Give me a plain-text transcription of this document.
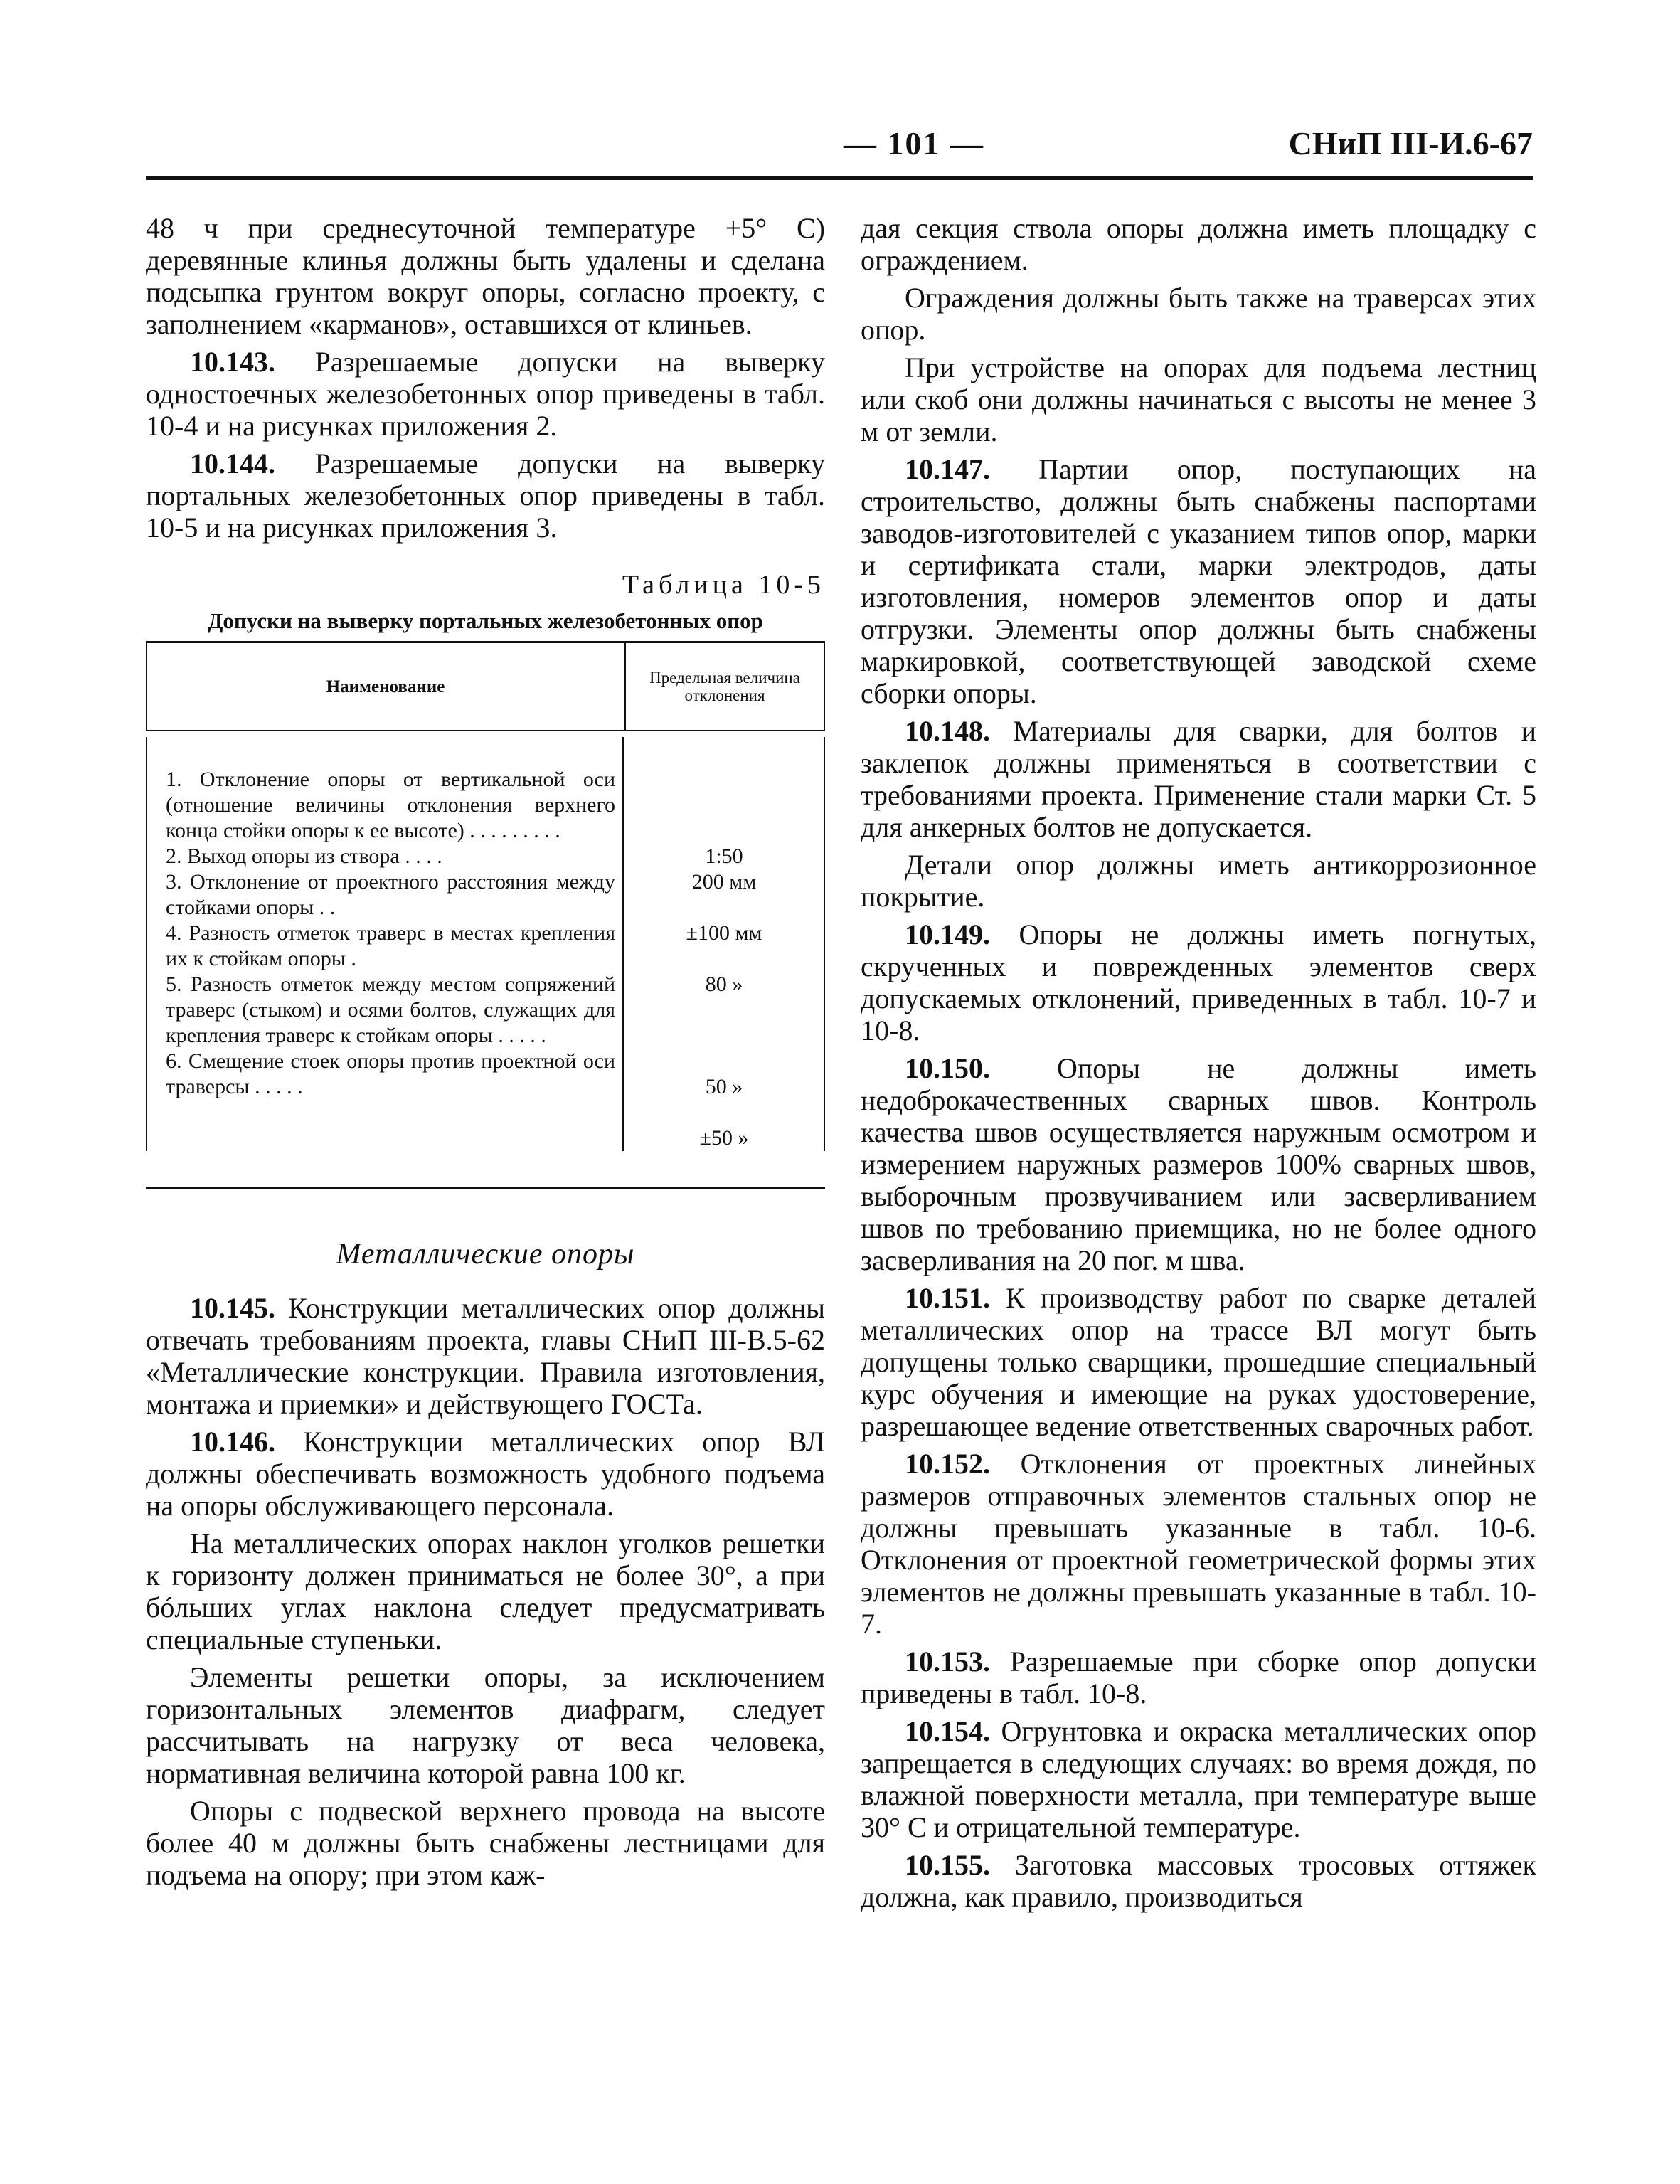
— 101 —	СНиП III-И.6-67

48 ч при среднесуточной температуре +5° С) деревянные клинья должны быть удалены и сделана подсыпка грунтом вокруг опоры, согласно проекту, с заполнением «карманов», оставшихся от клиньев.

10.143. Разрешаемые допуски на выверку одностоечных железобетонных опор приведены в табл. 10-4 и на рисунках приложения 2.

10.144. Разрешаемые допуски на выверку портальных железобетонных опор приведены в табл. 10-5 и на рисунках приложения 3.

Таблица 10-5
Допуски на выверку портальных железобетонных опор
Наименование	Предельная величина отклонения
1. Отклонение опоры от вертикальной оси (отношение величины отклонения верхнего конца стойки опоры к ее высоте) . . . . . . . . .
2. Выход опоры из створа . . . .
3. Отклонение от проектного расстояния между стойками опоры . .
4. Разность отметок траверс в местах крепления их к стойкам опоры .
5. Разность отметок между местом сопряжений траверс (стыком) и осями болтов, служащих для крепления траверс к стойкам опоры . . . . .
6. Смещение стоек опоры против проектной оси траверсы . . . . .
1:50
200 мм
±100 мм
80 »
50 »
±50 »
Металлические опоры

10.145. Конструкции металлических опор должны отвечать требованиям проекта, главы СНиП III-В.5-62 «Металлические конструкции. Правила изготовления, монтажа и приемки» и действующего ГОСТа.

10.146. Конструкции металлических опор ВЛ должны обеспечивать возможность удобного подъема на опоры обслуживающего персонала.

На металлических опорах наклон уголков решетки к горизонту должен приниматься не более 30°, а при бóльших углах наклона следует предусматривать специальные ступеньки.

Элементы решетки опоры, за исключением горизонтальных элементов диафрагм, следует рассчитывать на нагрузку от веса человека, нормативная величина которой равна 100 кг.

Опоры с подвеской верхнего провода на высоте более 40 м должны быть снабжены лестницами для подъема на опору; при этом каж-

дая секция ствола опоры должна иметь площадку с ограждением.

Ограждения должны быть также на траверсах этих опор.

При устройстве на опорах для подъема лестниц или скоб они должны начинаться с высоты не менее 3 м от земли.

10.147. Партии опор, поступающих на строительство, должны быть снабжены паспортами заводов-изготовителей с указанием типов опор, марки и сертификата стали, марки электродов, даты изготовления, номеров элементов опор и даты отгрузки. Элементы опор должны быть снабжены маркировкой, соответствующей заводской схеме сборки опоры.

10.148. Материалы для сварки, для болтов и заклепок должны применяться в соответствии с требованиями проекта. Применение стали марки Ст. 5 для анкерных болтов не допускается.

Детали опор должны иметь антикоррозионное покрытие.

10.149. Опоры не должны иметь погнутых, скрученных и поврежденных элементов сверх допускаемых отклонений, приведенных в табл. 10-7 и 10-8.

10.150. Опоры не должны иметь недоброкачественных сварных швов. Контроль качества швов осуществляется наружным осмотром и измерением наружных размеров 100% сварных швов, выборочным прозвучиванием или засверливанием швов по требованию приемщика, но не более одного засверливания на 20 пог. м шва.

10.151. К производству работ по сварке деталей металлических опор на трассе ВЛ могут быть допущены только сварщики, прошедшие специальный курс обучения и имеющие на руках удостоверение, разрешающее ведение ответственных сварочных работ.

10.152. Отклонения от проектных линейных размеров отправочных элементов стальных опор не должны превышать указанные в табл. 10-6. Отклонения от проектной геометрической формы этих элементов не должны превышать указанные в табл. 10-7.

10.153. Разрешаемые при сборке опор допуски приведены в табл. 10-8.

10.154. Огрунтовка и окраска металлических опор запрещается в следующих случаях: во время дождя, по влажной поверхности металла, при температуре выше 30° С и отрицательной температуре.

10.155. Заготовка массовых тросовых оттяжек должна, как правило, производиться
